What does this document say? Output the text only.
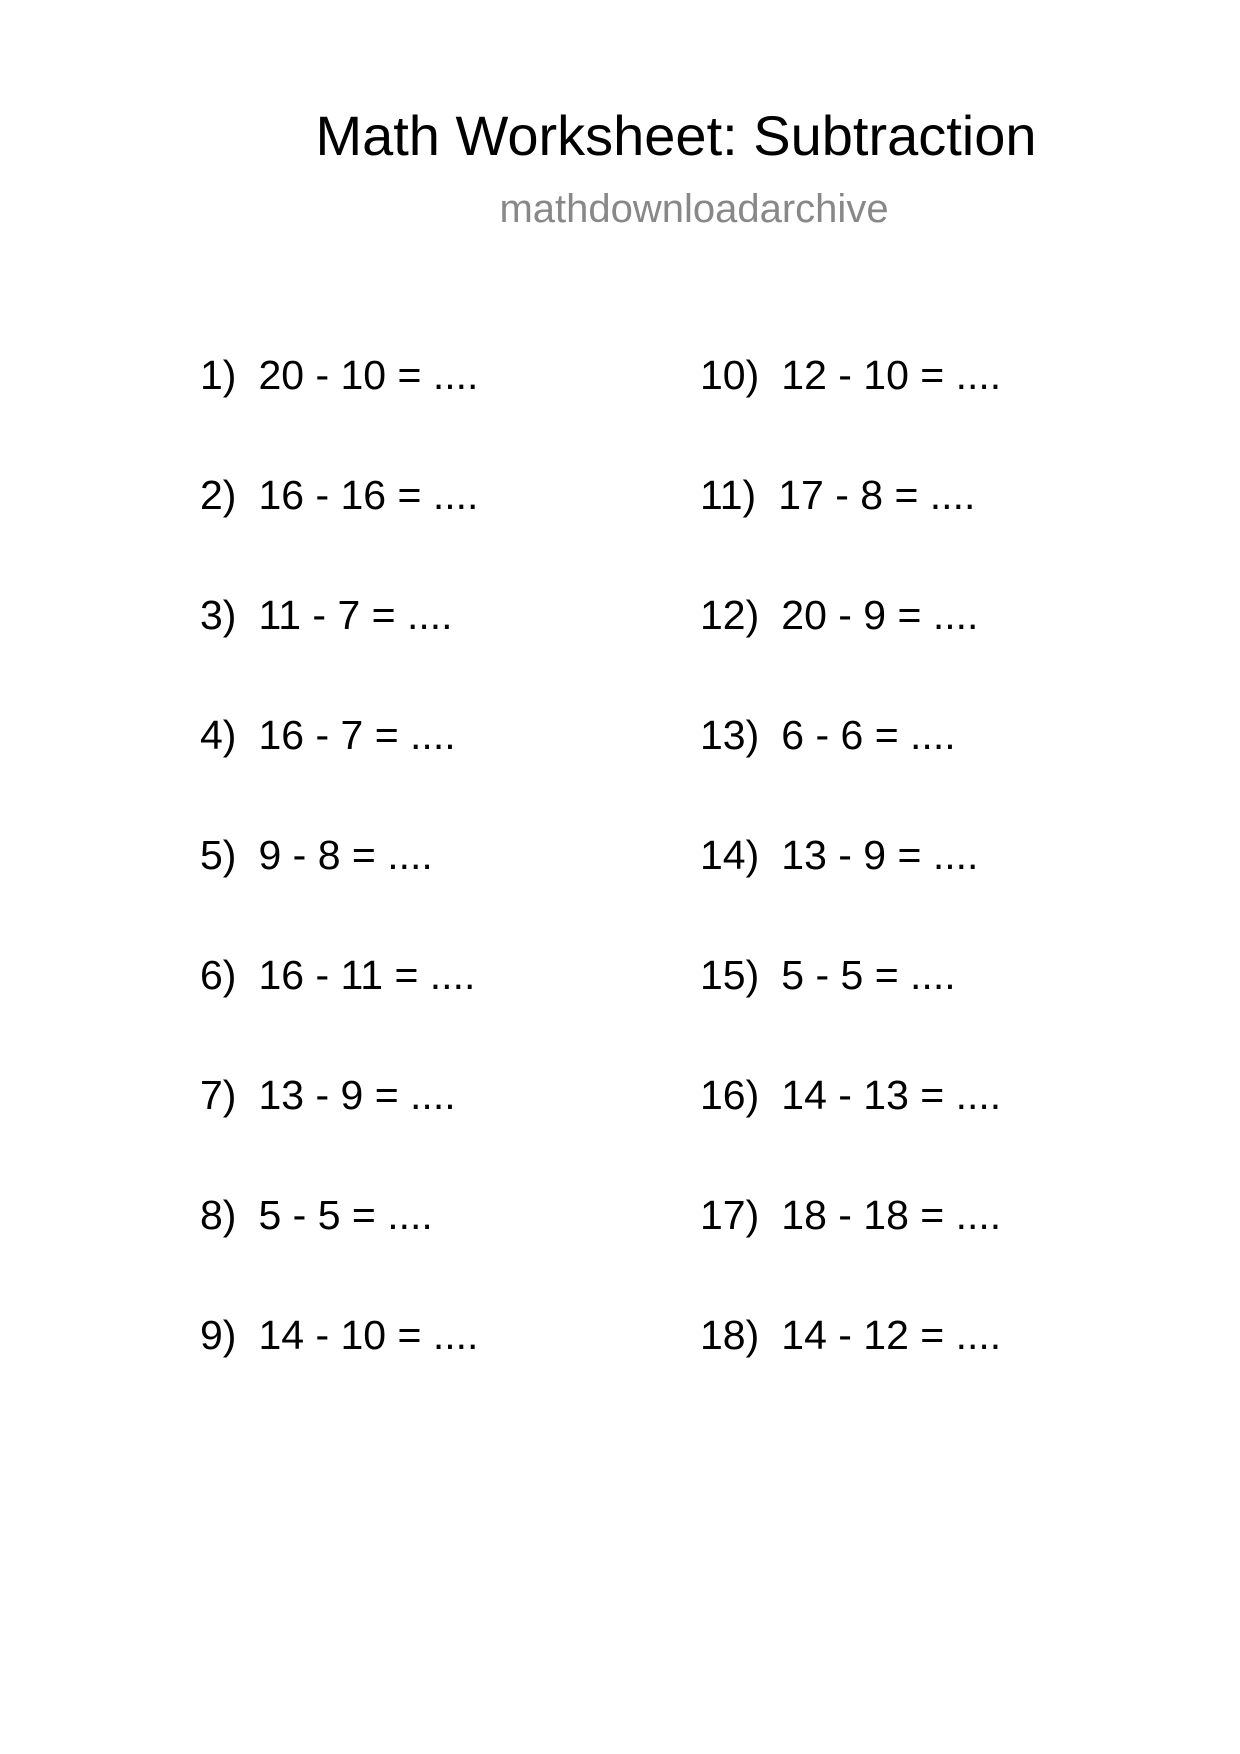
Math Worksheet: Subtraction
mathdownloadarchive
1) 20 - 10 = ....
2) 16 - 16 = ....
3) 11 - 7 = ....
4) 16 - 7 = ....
5) 9 - 8 = ....
6) 16 - 11 = ....
7) 13 - 9 = ....
8) 5 - 5 = ....
9) 14 - 10 = ....
10) 12 - 10 = ....
11) 17 - 8 = ....
12) 20 - 9 = ....
13) 6 - 6 = ....
14) 13 - 9 = ....
15) 5 - 5 = ....
16) 14 - 13 = ....
17) 18 - 18 = ....
18) 14 - 12 = ....
